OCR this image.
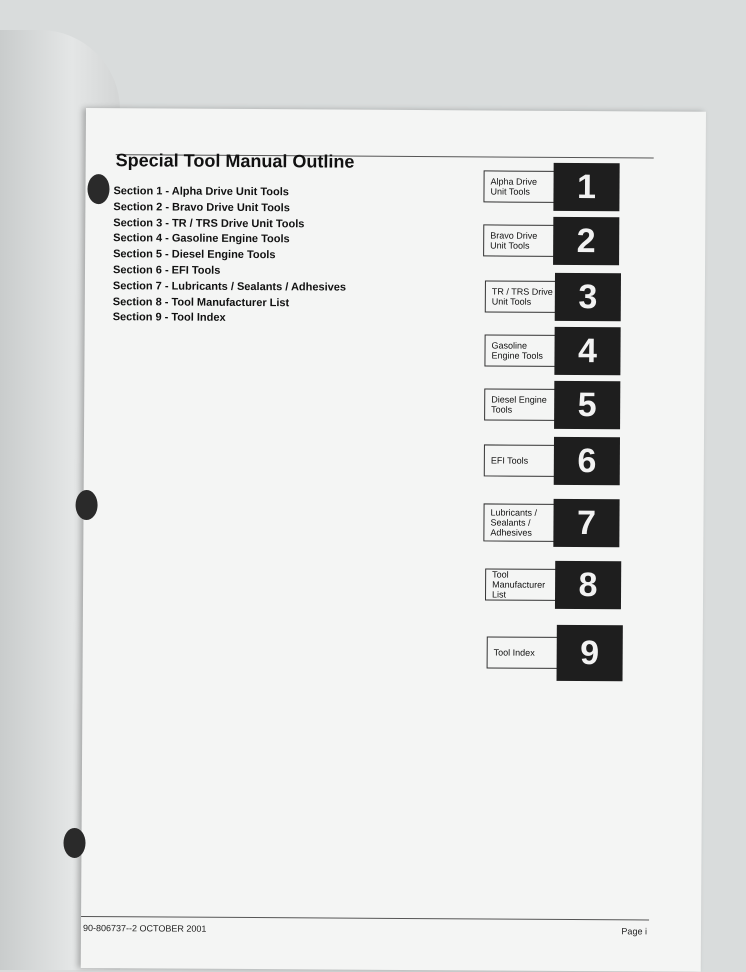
Special Tool Manual Outline
Section 1 - Alpha Drive Unit Tools
Section 2 - Bravo Drive Unit Tools
Section 3 - TR / TRS Drive Unit Tools
Section 4 - Gasoline Engine Tools
Section 5 - Diesel Engine Tools
Section 6 - EFI Tools
Section 7 - Lubricants / Sealants / Adhesives
Section 8 - Tool Manufacturer List
Section 9 - Tool Index
Alpha Drive Unit Tools	1
Bravo Drive Unit Tools	2
TR / TRS Drive Unit Tools	3
Gasoline Engine Tools	4
Diesel Engine Tools	5
EFI Tools	6
Lubricants / Sealants / Adhesives	7
Tool Manufacturer List	8
Tool Index	9
90-806737--2 OCTOBER 2001	Page i
